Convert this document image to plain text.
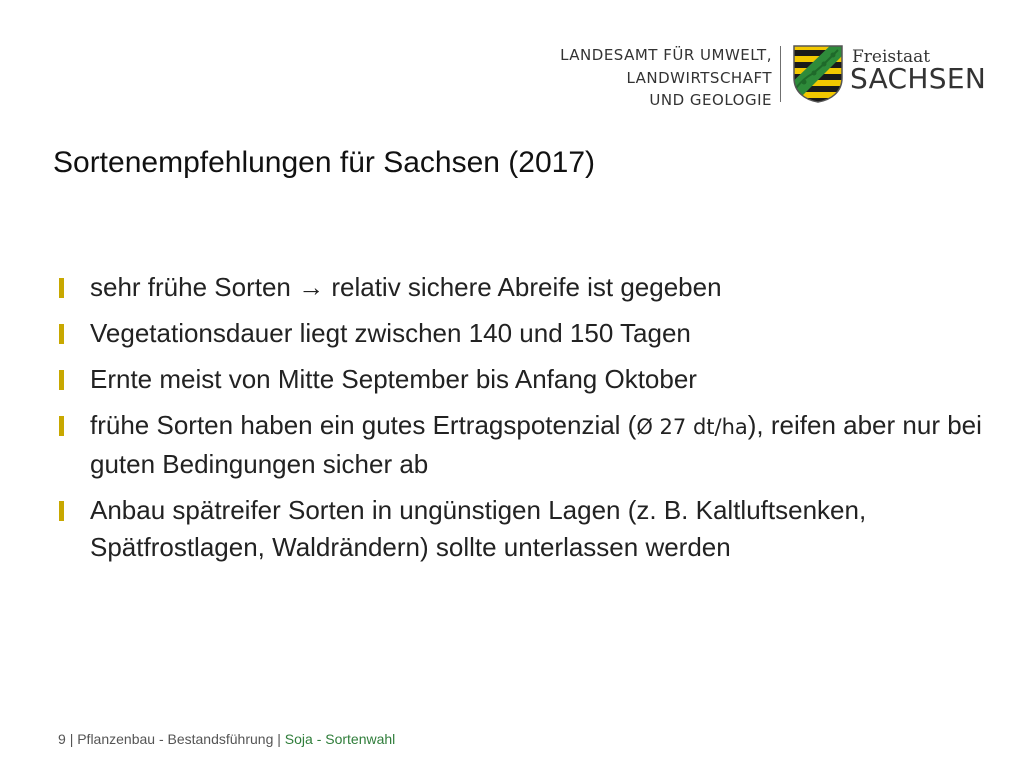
LANDESAMT FÜR UMWELT,
LANDWIRTSCHAFT
UND GEOLOGIE
Freistaat
SACHSEN
Sortenempfehlungen für Sachsen (2017)
sehr frühe Sorten → relativ sichere Abreife ist gegeben
Vegetationsdauer liegt zwischen 140 und 150 Tagen
Ernte meist von Mitte September bis Anfang Oktober
frühe Sorten haben ein gutes Ertragspotenzial (Ø 27 dt/ha), reifen aber nur bei guten Bedingungen sicher ab
Anbau spätreifer Sorten in ungünstigen Lagen (z. B. Kaltluftsenken, Spätfrostlagen, Waldrändern) sollte unterlassen werden
9 | Pflanzenbau - Bestandsführung | Soja - Sortenwahl
